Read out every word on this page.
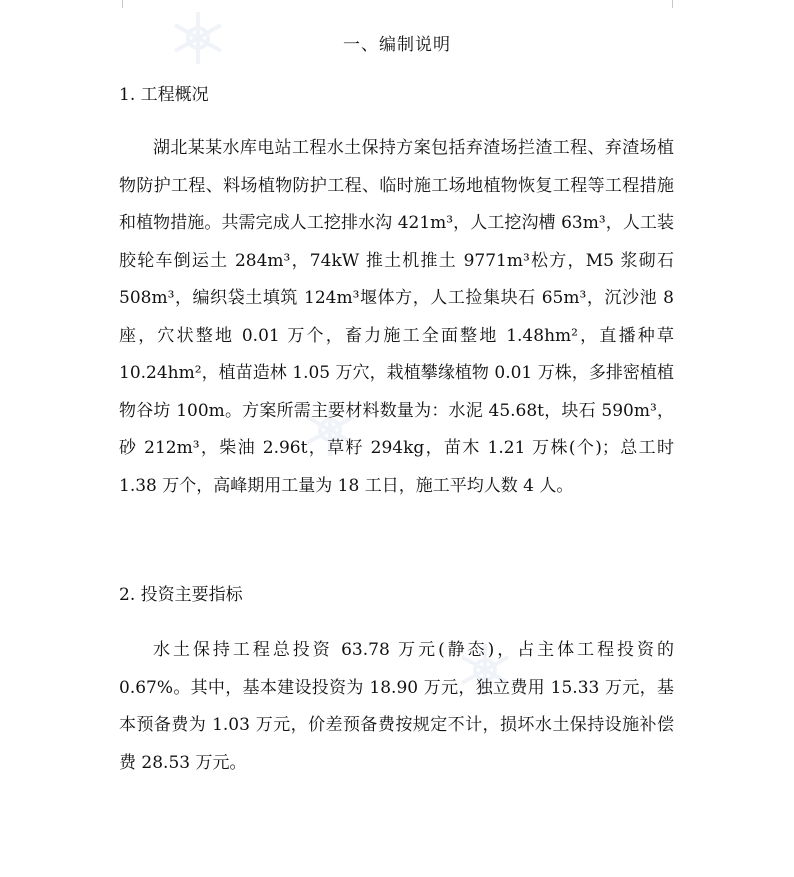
一、编制说明
1. 工程概况

湖北某某水库电站工程水土保持方案包括弃渣场拦渣工程、弃渣场植物防护工程、料场植物防护工程、临时施工场地植物恢复工程等工程措施和植物措施。共需完成人工挖排水沟 421m³，人工挖沟槽 63m³，人工装胶轮车倒运土 284m³，74kW 推土机推土 9771m³松方，M5 浆砌石 508m³，编织袋土填筑 124m³堰体方，人工捡集块石 65m³，沉沙池 8 座，穴状整地 0.01 万个，畜力施工全面整地 1.48hm²，直播种草 10.24hm²，植苗造林 1.05 万穴，栽植攀缘植物 0.01 万株，多排密植植物谷坊 100m。方案所需主要材料数量为：水泥 45.68t，块石 590m³，砂 212m³，柴油 2.96t，草籽 294kg，苗木 1.21 万株(个)；总工时 1.38 万个，高峰期用工量为 18 工日，施工平均人数 4 人。

2. 投资主要指标

水土保持工程总投资 63.78 万元(静态)，占主体工程投资的 0.67%。其中，基本建设投资为 18.90 万元，独立费用 15.33 万元，基本预备费为 1.03 万元，价差预备费按规定不计，损坏水土保持设施补偿费 28.53 万元。
